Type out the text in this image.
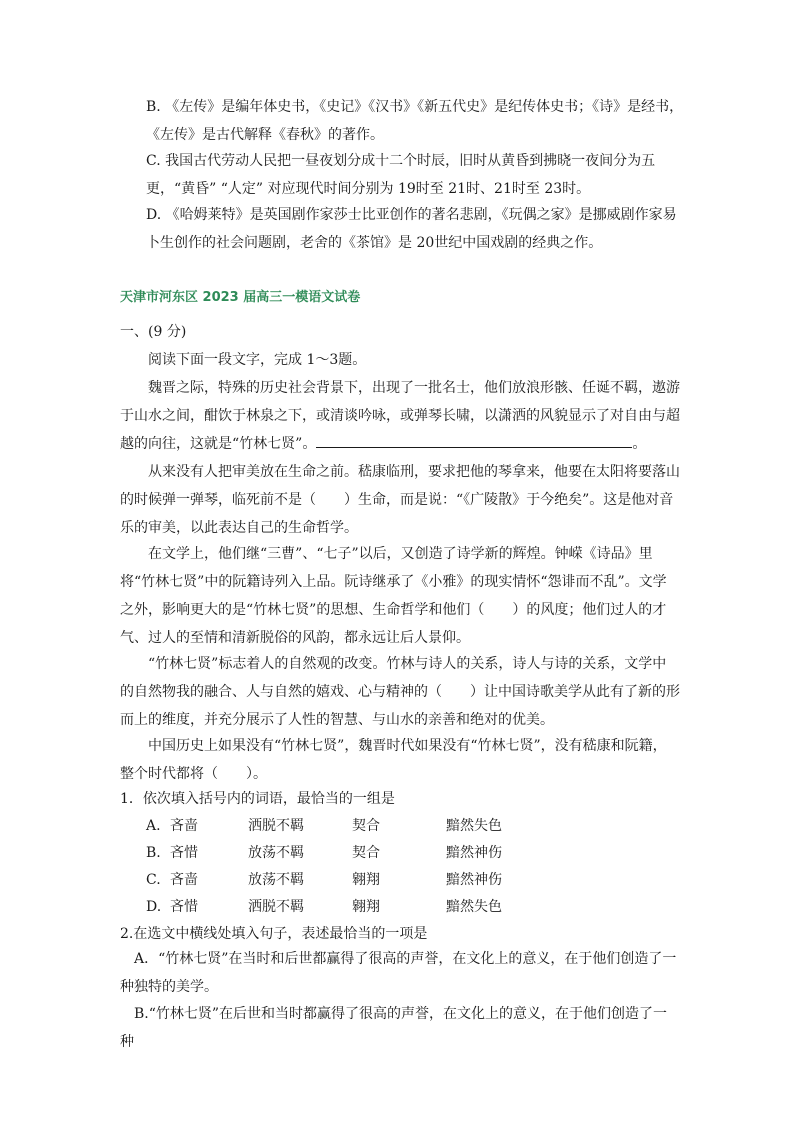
B. 《左传》是编年体史书，《史记》《汉书》《新五代史》是纪传体史书；《诗》是经书，《左传》是古代解释《春秋》的著作。

C. 我国古代劳动人民把一昼夜划分成十二个时辰，旧时从黄昏到拂晓一夜间分为五更，“黄昏” “人定” 对应现代时间分别为 19时至 21时、21时至 23时。

D. 《哈姆莱特》是英国剧作家莎士比亚创作的著名悲剧，《玩偶之家》是挪威剧作家易卜生创作的社会问题剧，老舍的《茶馆》是 20世纪中国戏剧的经典之作。

天津市河东区 2023 届高三一模语文试卷

一、(9 分)

阅读下面一段文字，完成 1～3题。

魏晋之际，特殊的历史社会背景下，出现了一批名士，他们放浪形骸、任诞不羁，遨游于山水之间，酣饮于林泉之下，或清谈吟咏，或弹琴长啸，以潇洒的风貌显示了对自由与超越的向往，这就是“竹林七贤”。	。

从来没有人把审美放在生命之前。嵇康临刑，要求把他的琴拿来，他要在太阳将要落山的时候弹一弹琴，临死前不是（　　）生命，而是说：“《广陵散》于今绝矣”。这是他对音乐的审美，以此表达自己的生命哲学。

在文学上，他们继“三曹”、“七子”以后，又创造了诗学新的辉煌。钟嵘《诗品》里将“竹林七贤”中的阮籍诗列入上品。阮诗继承了《小雅》的现实情怀“怨诽而不乱”。文学之外，影响更大的是“竹林七贤”的思想、生命哲学和他们（　　）的风度；他们过人的才气、过人的至情和清新脱俗的风韵，都永远让后人景仰。

“竹林七贤”标志着人的自然观的改变。竹林与诗人的关系，诗人与诗的关系，文学中的自然物我的融合、人与自然的嬉戏、心与精神的（　　）让中国诗歌美学从此有了新的形而上的维度，并充分展示了人性的智慧、与山水的亲善和绝对的优美。

中国历史上如果没有“竹林七贤”，魏晋时代如果没有“竹林七贤”，没有嵇康和阮籍，整个时代都将（　　）。

1．依次填入括号内的词语，最恰当的一组是
A. 吝啬	洒脱不羁	契合	黯然失色
B. 吝惜	放荡不羁	契合	黯然神伤
C. 吝啬	放荡不羁	翱翔	黯然神伤
D. 吝惜	洒脱不羁	翱翔	黯然失色
2.在选文中横线处填入句子，表述最恰当的一项是

A．“竹林七贤”在当时和后世都赢得了很高的声誉，在文化上的意义，在于他们创造了一种独特的美学。

B.“竹林七贤”在后世和当时都赢得了很高的声誉，在文化上的意义，在于他们创造了一种
